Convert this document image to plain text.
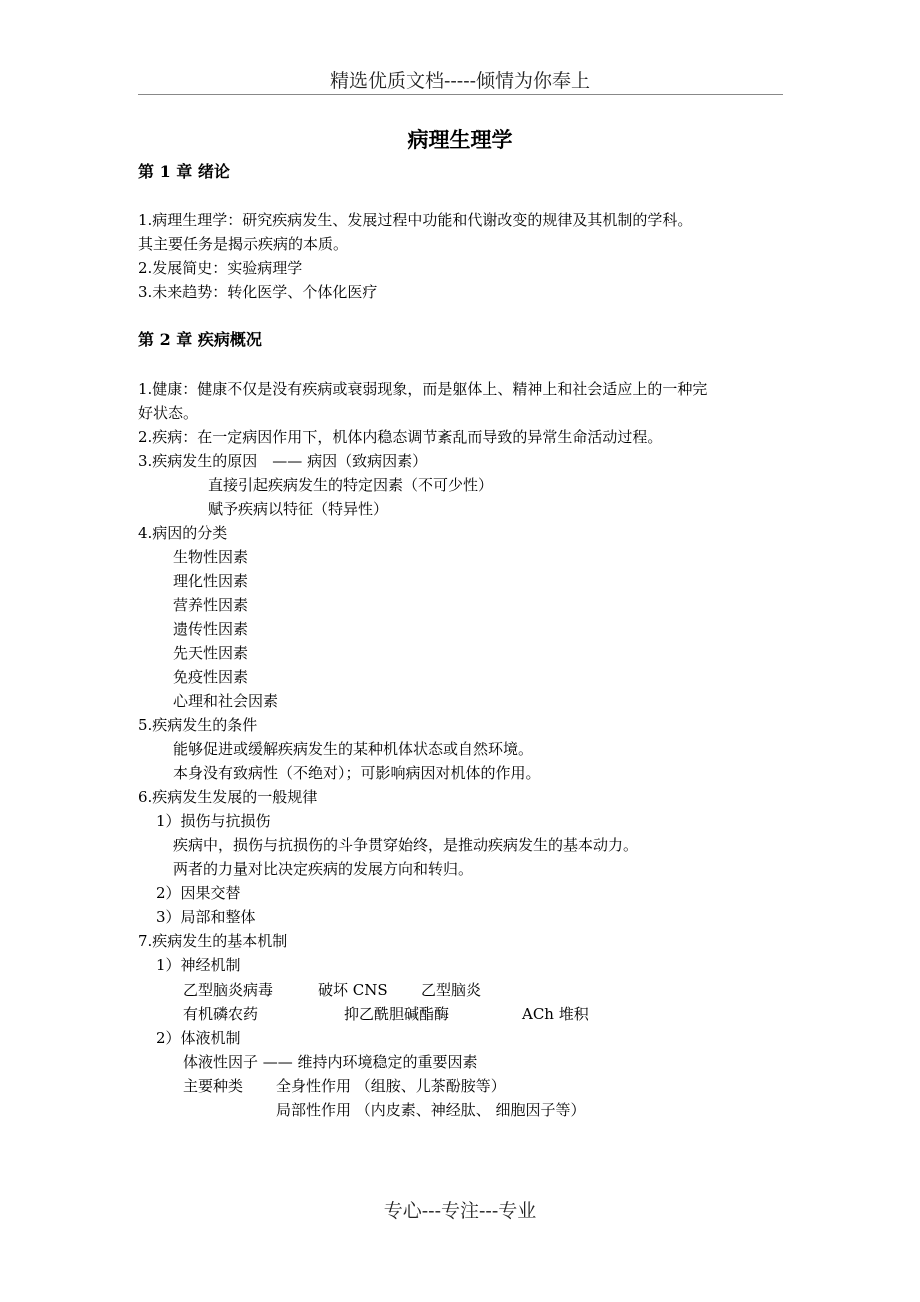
精选优质文档-----倾情为你奉上
病理生理学
第 1 章 绪论
1.病理生理学：研究疾病发生、发展过程中功能和代谢改变的规律及其机制的学科。
其主要任务是揭示疾病的本质。
2.发展简史：实验病理学
3.未来趋势：转化医学、个体化医疗
第 2 章 疾病概况
1.健康：健康不仅是没有疾病或衰弱现象，而是躯体上、精神上和社会适应上的一种完
好状态。
2.疾病：在一定病因作用下，机体内稳态调节紊乱而导致的异常生命活动过程。
3.疾病发生的原因　—— 病因（致病因素）
直接引起疾病发生的特定因素（不可少性）
赋予疾病以特征（特异性）
4.病因的分类
生物性因素
理化性因素
营养性因素
遗传性因素
先天性因素
免疫性因素
心理和社会因素
5.疾病发生的条件
能够促进或缓解疾病发生的某种机体状态或自然环境。
本身没有致病性（不绝对）；可影响病因对机体的作用。
6.疾病发生发展的一般规律
1）损伤与抗损伤
疾病中，损伤与抗损伤的斗争贯穿始终，是推动疾病发生的基本动力。
两者的力量对比决定疾病的发展方向和转归。
2）因果交替
3）局部和整体
7.疾病发生的基本机制
1）神经机制
乙型脑炎病毒	破坏 CNS 乙型脑炎
有机磷农药	抑乙酰胆碱酯酶	ACh 堆积
2）体液机制
体液性因子 —— 维持内环境稳定的重要因素
主要种类 全身性作用 （组胺、儿茶酚胺等）
局部性作用 （内皮素、神经肽、 细胞因子等）
专心---专注---专业
